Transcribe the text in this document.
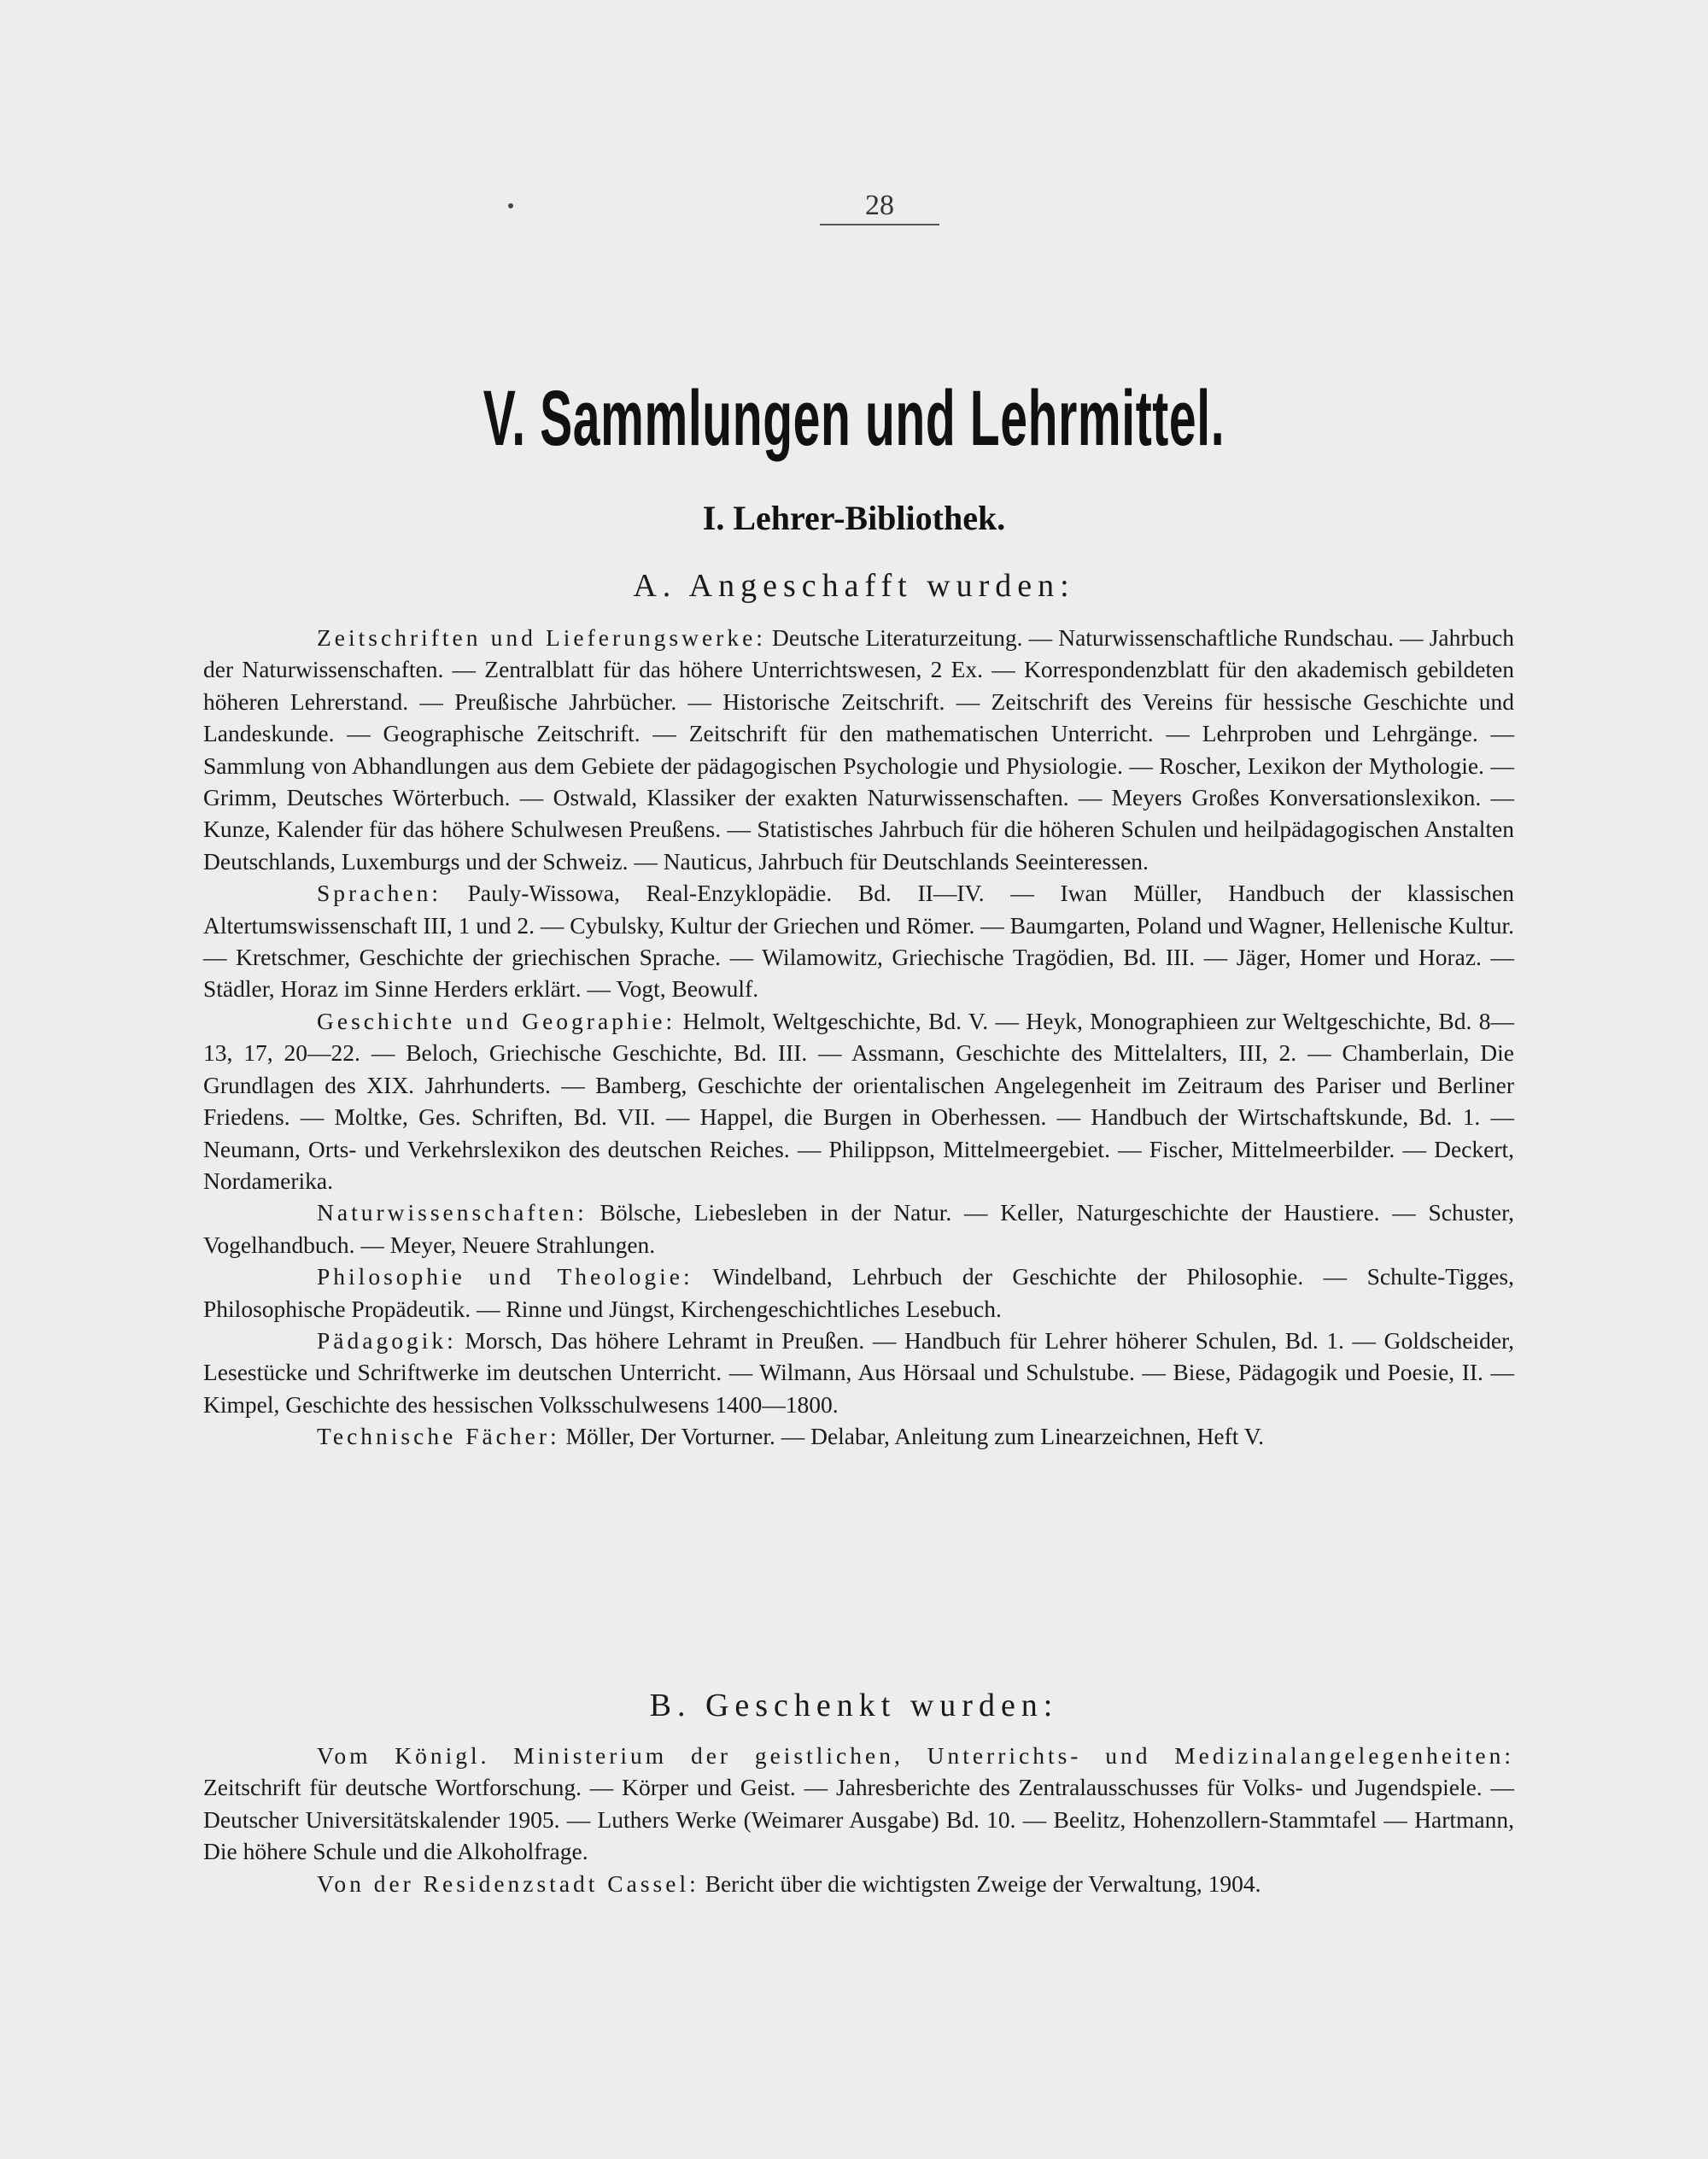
28
V. Sammlungen und Lehrmittel.
I. Lehrer-Bibliothek.
A. Angeschafft wurden:

Zeitschriften und Lieferungswerke: Deutsche Literaturzeitung. — Naturwissenschaftliche Rundschau. — Jahrbuch der Naturwissenschaften. — Zentralblatt für das höhere Unterrichtswesen, 2 Ex. — Korrespondenzblatt für den akademisch gebildeten höheren Lehrerstand. — Preußische Jahrbücher. — Historische Zeitschrift. — Zeitschrift des Vereins für hessische Geschichte und Landeskunde. — Geographische Zeitschrift. — Zeitschrift für den mathematischen Unterricht. — Lehrproben und Lehrgänge. — Sammlung von Abhandlungen aus dem Gebiete der pädagogischen Psychologie und Physiologie. — Roscher, Lexikon der Mythologie. — Grimm, Deutsches Wörterbuch. — Ostwald, Klassiker der exakten Naturwissenschaften. — Meyers Großes Konversationslexikon. — Kunze, Kalender für das höhere Schulwesen Preußens. — Statistisches Jahrbuch für die höheren Schulen und heilpädagogischen Anstalten Deutschlands, Luxemburgs und der Schweiz. — Nauticus, Jahrbuch für Deutschlands Seeinteressen.

Sprachen: Pauly-Wissowa, Real-Enzyklopädie. Bd. II—IV. — Iwan Müller, Handbuch der klassischen Altertumswissenschaft III, 1 und 2. — Cybulsky, Kultur der Griechen und Römer. — Baumgarten, Poland und Wagner, Hellenische Kultur. — Kretschmer, Geschichte der griechischen Sprache. — Wilamowitz, Griechische Tragödien, Bd. III. — Jäger, Homer und Horaz. — Städler, Horaz im Sinne Herders erklärt. — Vogt, Beowulf.

Geschichte und Geographie: Helmolt, Weltgeschichte, Bd. V. — Heyk, Monographieen zur Weltgeschichte, Bd. 8—13, 17, 20—22. — Beloch, Griechische Geschichte, Bd. III. — Assmann, Geschichte des Mittelalters, III, 2. — Chamberlain, Die Grundlagen des XIX. Jahrhunderts. — Bamberg, Geschichte der orientalischen Angelegenheit im Zeitraum des Pariser und Berliner Friedens. — Moltke, Ges. Schriften, Bd. VII. — Happel, die Burgen in Oberhessen. — Handbuch der Wirtschaftskunde, Bd. 1. — Neumann, Orts- und Verkehrslexikon des deutschen Reiches. — Philippson, Mittelmeergebiet. — Fischer, Mittelmeerbilder. — Deckert, Nordamerika.

Naturwissenschaften: Bölsche, Liebesleben in der Natur. — Keller, Naturgeschichte der Haustiere. — Schuster, Vogelhandbuch. — Meyer, Neuere Strahlungen.

Philosophie und Theologie: Windelband, Lehrbuch der Geschichte der Philosophie. — Schulte-Tigges, Philosophische Propädeutik. — Rinne und Jüngst, Kirchengeschichtliches Lesebuch.

Pädagogik: Morsch, Das höhere Lehramt in Preußen. — Handbuch für Lehrer höherer Schulen, Bd. 1. — Goldscheider, Lesestücke und Schriftwerke im deutschen Unterricht. — Wilmann, Aus Hörsaal und Schulstube. — Biese, Pädagogik und Poesie, II. — Kimpel, Geschichte des hessischen Volksschulwesens 1400—1800.

Technische Fächer: Möller, Der Vorturner. — Delabar, Anleitung zum Linearzeichnen, Heft V.

B. Geschenkt wurden:

Vom Königl. Ministerium der geistlichen, Unterrichts- und Medizinalangelegenheiten: Zeitschrift für deutsche Wortforschung. — Körper und Geist. — Jahresberichte des Zentralausschusses für Volks- und Jugendspiele. — Deutscher Universitätskalender 1905. — Luthers Werke (Weimarer Ausgabe) Bd. 10. — Beelitz, Hohenzollern-Stammtafel — Hartmann, Die höhere Schule und die Alkoholfrage.

Von der Residenzstadt Cassel: Bericht über die wichtigsten Zweige der Verwaltung, 1904.
